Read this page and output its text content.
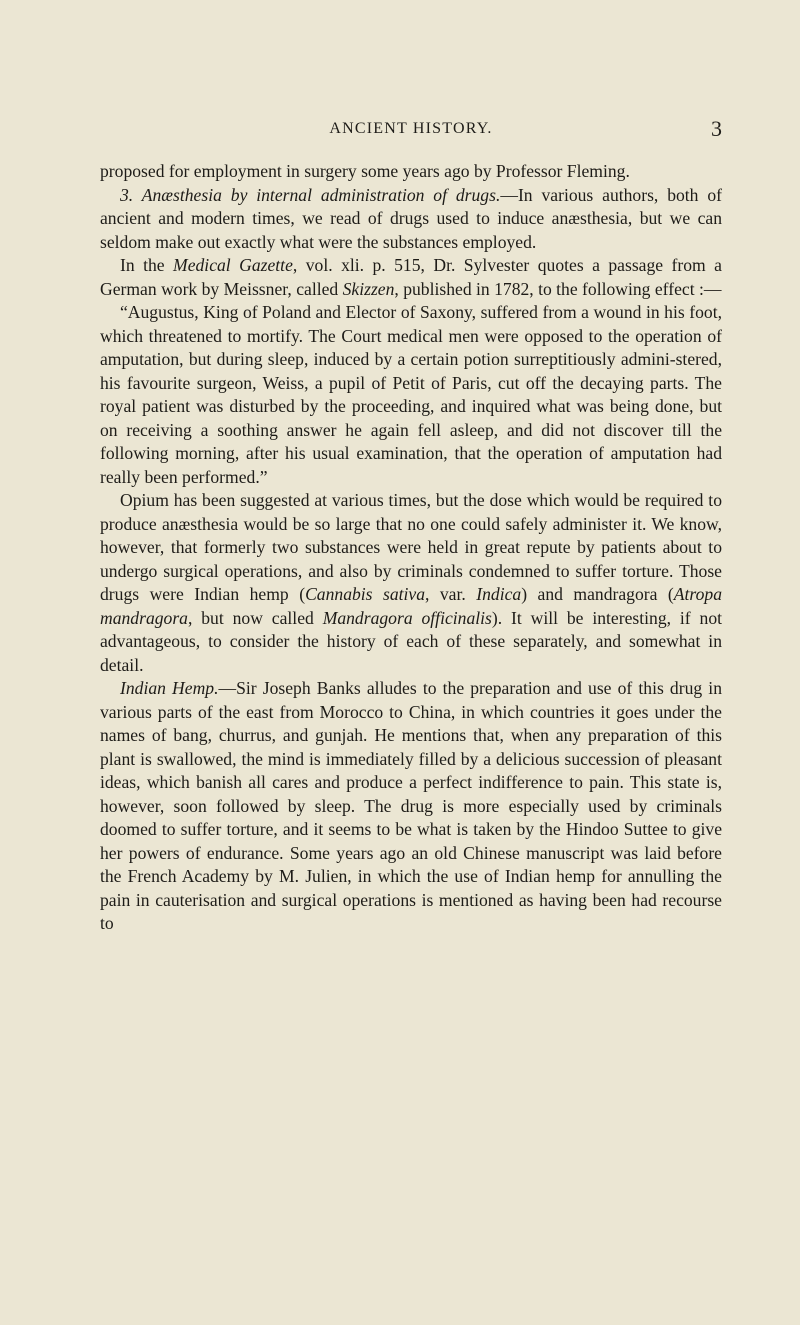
ANCIENT HISTORY.	3

proposed for employment in surgery some years ago by Professor Fleming.

3. Anæsthesia by internal administration of drugs.—In various authors, both of ancient and modern times, we read of drugs used to induce anæsthesia, but we can seldom make out exactly what were the substances employed.

In the Medical Gazette, vol. xli. p. 515, Dr. Sylvester quotes a passage from a German work by Meissner, called Skizzen, published in 1782, to the following effect :—

“Augustus, King of Poland and Elector of Saxony, suffered from a wound in his foot, which threatened to mortify. The Court medical men were opposed to the operation of amputation, but during sleep, induced by a certain potion surreptitiously admini-stered, his favourite surgeon, Weiss, a pupil of Petit of Paris, cut off the decaying parts. The royal patient was disturbed by the proceeding, and inquired what was being done, but on receiving a soothing answer he again fell asleep, and did not discover till the following morning, after his usual examination, that the operation of amputation had really been performed.”

Opium has been suggested at various times, but the dose which would be required to produce anæsthesia would be so large that no one could safely administer it. We know, however, that formerly two substances were held in great repute by patients about to undergo surgical operations, and also by criminals condemned to suffer torture. Those drugs were Indian hemp (Cannabis sativa, var. Indica) and mandragora (Atropa mandragora, but now called Mandragora officinalis). It will be interesting, if not advantageous, to consider the history of each of these separately, and somewhat in detail.

Indian Hemp.—Sir Joseph Banks alludes to the preparation and use of this drug in various parts of the east from Morocco to China, in which countries it goes under the names of bang, churrus, and gunjah. He mentions that, when any preparation of this plant is swallowed, the mind is immediately filled by a delicious succession of pleasant ideas, which banish all cares and produce a perfect indifference to pain. This state is, however, soon followed by sleep. The drug is more especially used by criminals doomed to suffer torture, and it seems to be what is taken by the Hindoo Suttee to give her powers of endurance. Some years ago an old Chinese manuscript was laid before the French Academy by M. Julien, in which the use of Indian hemp for annulling the pain in cauterisation and surgical operations is mentioned as having been had recourse to
